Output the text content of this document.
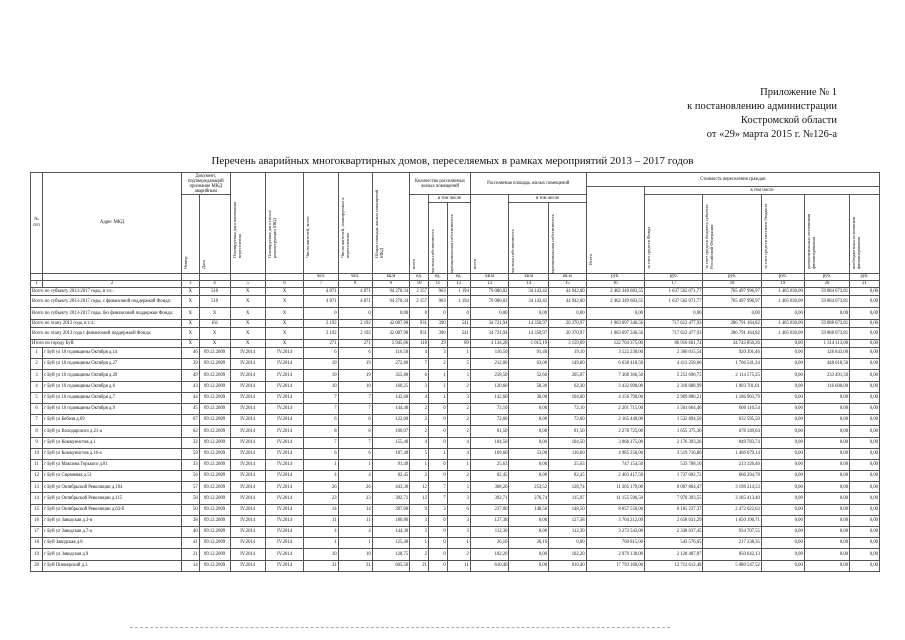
Приложение № 1
к постановлению администрации
Костромской области
от «29» марта 2015 г. №126-а
Перечень аварийных многоквартирных домов, переселяемых в рамках мероприятий 2013 – 2017 годов
№ п/п	Адрес МКД	Документ, подтверждающий признание МКД аварийным		Планируемая дата окончания переселения	Планируемая дата сноса/ реконструкции МКД	Число жителей, всего	Число жителей, планируемых к переселению	Общая площадь жилых помещений МКД	Количество расселяемых жилых помещений			Расселяемая площадь жилых помещений			Стоимость переселения граждан					

															Всего	в том числе				

		Номер	Дата						всего	в том числе		всего	в том числе			за счет средств Фонда	за счет средств бюджета субъекта Российской Федерации	за счет средств местного бюджета	дополнительных источников финансирования	внебюджетных источников финансирования

										частная собственность	муниципальная собственность		частная собственность	муниципальная собственность						

						чел.	чел.	кв.м	ед.	ед.	ед.	кв.м	кв.м	кв.м	руб.	руб.	руб.	руб.	руб.	руб.
1	2	3	4	5	6	7	8	9	10	11	12	13	14	15	16	17	18	19	20	21
Всего по субъекту 2013-2017 годы, в т.ч.:		X	510	X	X	4 871	4 871	94 270,34	2 157	963	1 194	79 086,02	34 143,42	44 942,60	2 462 349 683,55	1 637 562 071,77	765 497 996,97	1 405 030,00	59 884 673,81	0,00
Всего по субъекту 2013-2017 годы, с финансовой поддержкой Фонда:		X	510	X	X	4 871	4 871	94 270,34	2 157	963	1 194	79 086,02	34 143,42	44 942,60	2 462 349 683,55	1 637 562 071,77	765 497 996,97	1 405 030,00	59 884 673,81	0,00
Всего по субъекту 2013-2017 годы, без финансовой поддержки Фонда:		X	X	X	X	0	0	0,00	0	0	0	0,00	0,00	0,00	0,00	0,00	0,00	0,00	0,00	0,00
Всего по этапу 2013 года, в т.ч.:		X	161	X	X	2 192	2 192	42 007,98	931	390	541	34 721,94	14 350,97	20 370,97	1 063 697 346,56	717 612 477,93	286 791 164,82	1 405 030,00	59 888 673,81	0,00
Всего по этапу 2013 года с финансовой поддержкой Фонда:		X	X	X	X	2 192	2 192	42 007,98	931	390	541	34 721,94	14 350,97	20 370,97	1 063 697 346,56	717 612 477,93	286 791 164,82	1 405 030,00	59 888 673,81	0,00
Итого по городу Буй:		X	X	X	X	271	271	5 945,06	118	29	89	4 134,28	1 015,19	3 159,09	122 704 375,00	86 916 661,74	34 743 850,26	0,00	1 314 113,00	0,00
1	г Буй ул 10 годовщины Октября д.14	46	09.12.2009	IV.2014	IV.2014	6	6	116,50	4	3	1	116,50	91,40	19,10	3 522 230,00	2 360 015,54	920 391,46	0,00	128 843,00	0,00
2	г Буй ул 10 годовщины Октября д.27	39	09.12.2009	IV.2014	IV.2014	19	19	272,80	7	2	5	212,00	63,00	149,00	6 638 418,50	4 413 258,66	1 766 541,34	0,00	448 618,50	0,00
3	г Буй ул 10 годовщины Октября д.29	49	09.12.2009	IV.2014	IV.2014	19	19	355,80	6	1	5	258,50	52,60	205,87	7 368 366,50	5 253 696,75	2 114 575,25	0,00	233 491,50	0,00
4	г Буй ул 10 годовщины Октября д.6	43	09.12.2009	IV.2014	IV.2014	10	10	160,25	3	1	2	120,60	58,30	62,30	3 432 090,00	2 318 688,99	1 003 701,01	0,00	116 600,00	0,00
5	г Буй ул 10 годовщины Октября д.7	44	09.12.2009	IV.2014	IV.2014	7	7	142,60	4	1	3	142,60	38,00	104,60	4 156 790,00	2 969 886,21	1 186 903,79	0,00	0,00	0,00
6	г Буй ул 10 годовщины Октября д.9	45	09.12.2009	IV.2014	IV.2014	7	7	144,40	2	0	2	72,10	0,00	72,10	2 201 715,00	1 501 664,46	600 110,54	0,00	0,00	0,00
7	г Буй ул Бебеля д.69	67	09.12.2009	IV.2014	IV.2014	6	6	122,00	2	0	2	72,60	0,00	72,60	2 165 440,00	1 532 894,50	632 595,50	0,00	0,00	0,00
8	г Буй ул Володарского д.21-а	62	09.12.2009	IV.2014	IV.2014	8	8	100,07	2	0	2	81,50	0,00	81,50	2 278 725,00	1 655 375,36	678 349,64	0,00	0,00	0,00
9	г Буй ул Коммунистов д.1	32	09.12.2009	IV.2014	IV.2014	7	7	155,40	4	0	4	104,50	0,00	104,50	3 066 175,00	2 176 393,26	849 783,74	0,00	0,00	0,00
10	г Буй ул Коммунистов д.16-а	59	09.12.2009	IV.2014	IV.2014	6	6	187,40	5	1	4	169,60	53,00	116,60	4 985 250,00	3 519 716,86	1 466 679,14	0,00	0,00	0,00
11	г Буй ул Максима Горького д.81	33	09.12.2009	IV.2014	IV.2014	1	1	91,49	1	0	1	25,63	0,00	25,63	747 154,50	533 788,10	213 326,40	0,00	0,00	0,00
12	г Буй ул Сиреневая д.51	56	09.12.2009	IV.2014	IV.2014	4	4	82,45	2	0	2	82,45	0,00	82,45	2 403 417,50	1 737 002,72	666 294,78	0,00	0,00	0,00
13	г Буй ул Октябрьской Революции д.104	57	09.12.2009	IV.2014	IV.2014	26	26	443,30	12	7	5	368,26	253,52	128,74	11 305 179,00	8 007 864,47	3 198 214,53	0,00	0,00	0,00
14	г Буй ул Октябрьской Революции д.115	58	09.12.2009	IV.2014	IV.2014	23	23	392,71	12	7	3	392,71	276,74	115,97	11 155 596,50	7 970 393,55	3 185 413,40	0,00	0,00	0,00
15	г Буй ул Октябрьской Революции д.63-б	50	09.12.2009	IV.2014	IV.2014	14	14	397,00	9	3	6	237,00	148,50	148,50	8 657 550,00	6 165 237,37	2 472 022,63	0,00	0,00	0,00
16	г Буй ул Заводская д.3-в	38	09.12.2009	IV.2014	IV.2014	11	11	180,80	3	0	3	127,38	0,00	127,38	3 704 212,09	2 658 031,29	1 050 196,71	0,00	0,00	0,00
17	г Буй ул Заводская д.7-а	40	09.12.2009	IV.2014	IV.2014	4	4	144,30	3	0	3	112,30	0,00	112,30	3 273 543,00	2 338 837,45	934 707,55	0,00	0,00	0,00
18	г Буй Заводская д.8	41	09.12.2009	IV.2014	IV.2014	1	1	125,40	1	0	1	26,10	26,10	0,00	760 815,00	543 576,65	217 238,35	0,00	0,00	0,00
19	г Буй ул Заводская д.9	21	09.12.2009	IV.2014	IV.2014	10	10	128,75	2	0	2	102,20	0,00	102,20	2 979 130,00	2 128 487,87	850 642,13	0,00	0,00	0,00
20	г Буй Пионерский д.3	34	09.12.2009	IV.2014	IV.2014	31	31	605,50	21	0	11	610,40	0,00	610,40	17 793 160,00	12 712 612,48	5 080 547,52	0,00	0,00	0,00
